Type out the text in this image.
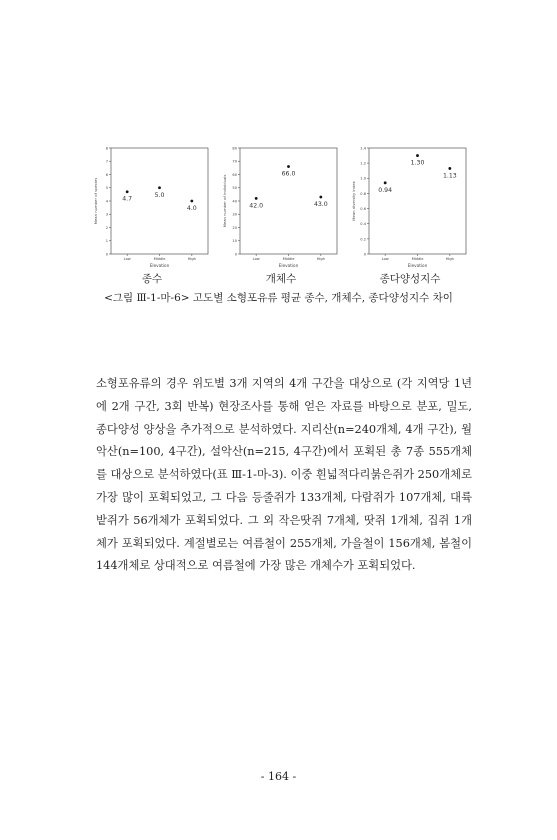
0
1
2
3
4
5
6
7
8
Low	Middle	High
Elevation
Mean number of species	4.7
5.0
4.0
종수
0
10
20
30
40
50
60
70
80
Low	Middle	High
Elevation
Mean number of individuals	42.0
66.0
43.0
개체수
0
0.2
0.4
0.6
0.8
1.0
1.2
1.4
Low	Middle	High
Elevation
Mean diversity index	0.94
1.30
1.13
종다양성지수
<그림 Ⅲ-1-마-6> 고도별 소형포유류 평균 종수, 개체수, 종다양성지수 차이

소형포유류의 경우 위도별 3개 지역의 4개 구간을 대상으로 (각 지역당 1년에 2개 구간, 3회 반복) 현장조사를 통해 얻은 자료를 바탕으로 분포, 밀도, 종다양성 양상을 추가적으로 분석하였다. 지리산(n=240개체, 4개 구간), 월악산(n=100, 4구간), 설악산(n=215, 4구간)에서 포획된 총 7종 555개체를 대상으로 분석하였다(표 Ⅲ-1-마-3). 이중 흰넓적다리붉은쥐가 250개체로 가장 많이 포획되었고, 그 다음 등줄쥐가 133개체, 다람쥐가 107개체, 대륙밭쥐가 56개체가 포획되었다. 그 외 작은땃쥐 7개체, 땃쥐 1개체, 집쥐 1개체가 포획되었다. 계절별로는 여름철이 255개체, 가을철이 156개체, 봄철이 144개체로 상대적으로 여름철에 가장 많은 개체수가 포획되었다.

- 164 -
